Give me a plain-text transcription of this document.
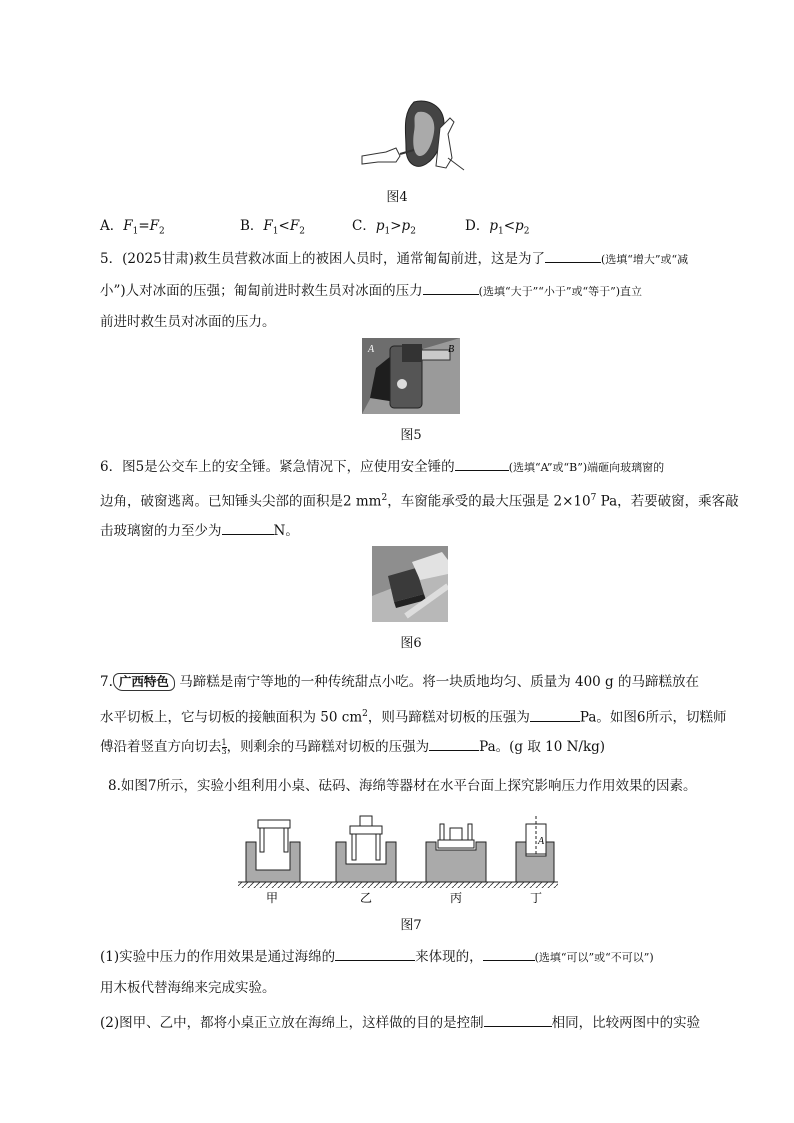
图4
A．$F_1=F_2$	B．$F_1<F_2$	C．$p_1>p_2$	D．$p_1<p_2$
5．(2025甘肃)救生员营救冰面上的被困人员时，通常匍匐前进，这是为了	(选填“增大”或“减
小”)人对冰面的压强；匍匐前进时救生员对冰面的压力	(选填“大于”“小于”或“等于”)直立
前进时救生员对冰面的压力。
A	B
图5
6．图5是公交车上的安全锤。紧急情况下，应使用安全锤的	(选填“A”或“B”)端砸向玻璃窗的
边角，破窗逃离。已知锤头尖部的面积是2 $mm^2$，车窗能承受的最大压强是 $2\times 10^7$ Pa，若要破窗，乘客敲
击玻璃窗的力至少为	N。
图6
7. 广西特色 马蹄糕是南宁等地的一种传统甜点小吃。将一块质地均匀、质量为 400 g 的马蹄糕放在
水平切板上，它与切板的接触面积为 50 $cm^2$，则马蹄糕对切板的压强为	Pa。如图6所示，切糕师
傅沿着竖直方向切去 $\frac{1}{3}$ ，则剩余的马蹄糕对切板的压强为	Pa。(g 取 10 N/kg)
8.如图7所示，实验小组利用小桌、砝码、海绵等器材在水平台面上探究影响压力作用效果的因素。
A
甲	乙	丙	丁
图7
(1)实验中压力的作用效果是通过海绵的	来体现的，	(选填“可以”或“不可以”)
用木板代替海绵来完成实验。
(2)图甲、乙中，都将小桌正立放在海绵上，这样做的目的是控制	相同，比较两图中的实验
